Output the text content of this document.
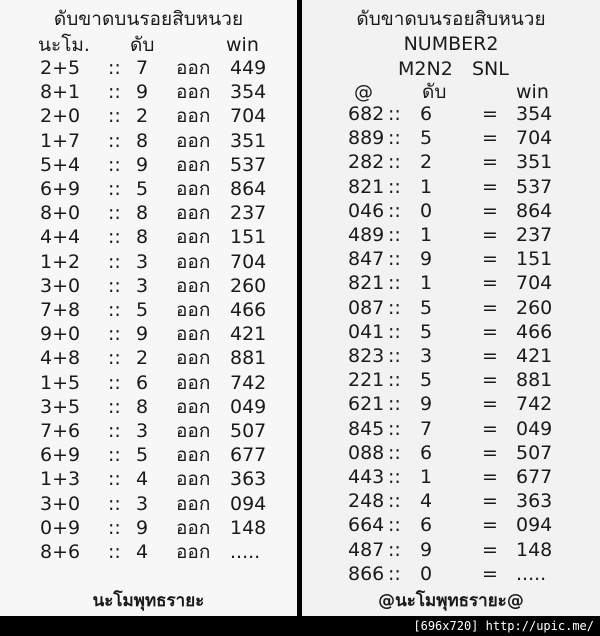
ดับขาดบนรอยสิบหนวย
นะโม. ดับ	win
2+5 :: 7 ออก 449
8+1 :: 9 ออก 354
2+0 :: 2 ออก 704
1+7 :: 8 ออก 351
5+4 :: 9 ออก 537
6+9 :: 5 ออก 864
8+0 :: 8 ออก 237
4+4 :: 8 ออก 151
1+2 :: 3 ออก 704
3+0 :: 3 ออก 260
7+8 :: 5 ออก 466
9+0 :: 9 ออก 421
4+8 :: 2 ออก 881
1+5 :: 6 ออก 742
3+5 :: 8 ออก 049
7+6 :: 3 ออก 507
6+9 :: 5 ออก 677
1+3 :: 4 ออก 363
3+0 :: 3 ออก 094
0+9 :: 9 ออก 148
8+6 :: 4 ออก .....
นะโมพุทธรายะ
ดับขาดบนรอยสิบหนวย
NUMBER2
M2N2 SNL
@	ดับ	win
682 :: 6	= 354
889 :: 5	= 704
282 :: 2	= 351
821 :: 1	= 537
046 :: 0	= 864
489 :: 1	= 237
847 :: 9	= 151
821 :: 1	= 704
087 :: 5	= 260
041 :: 5	= 466
823 :: 3	= 421
221 :: 5	= 881
621 :: 9	= 742
845 :: 7	= 049
088 :: 6	= 507
443 :: 1	= 677
248 :: 4	= 363
664 :: 6	= 094
487 :: 9	= 148
866 :: 0	= .....
@นะโมพุทธรายะ@
[696x720] http://upic.me/
